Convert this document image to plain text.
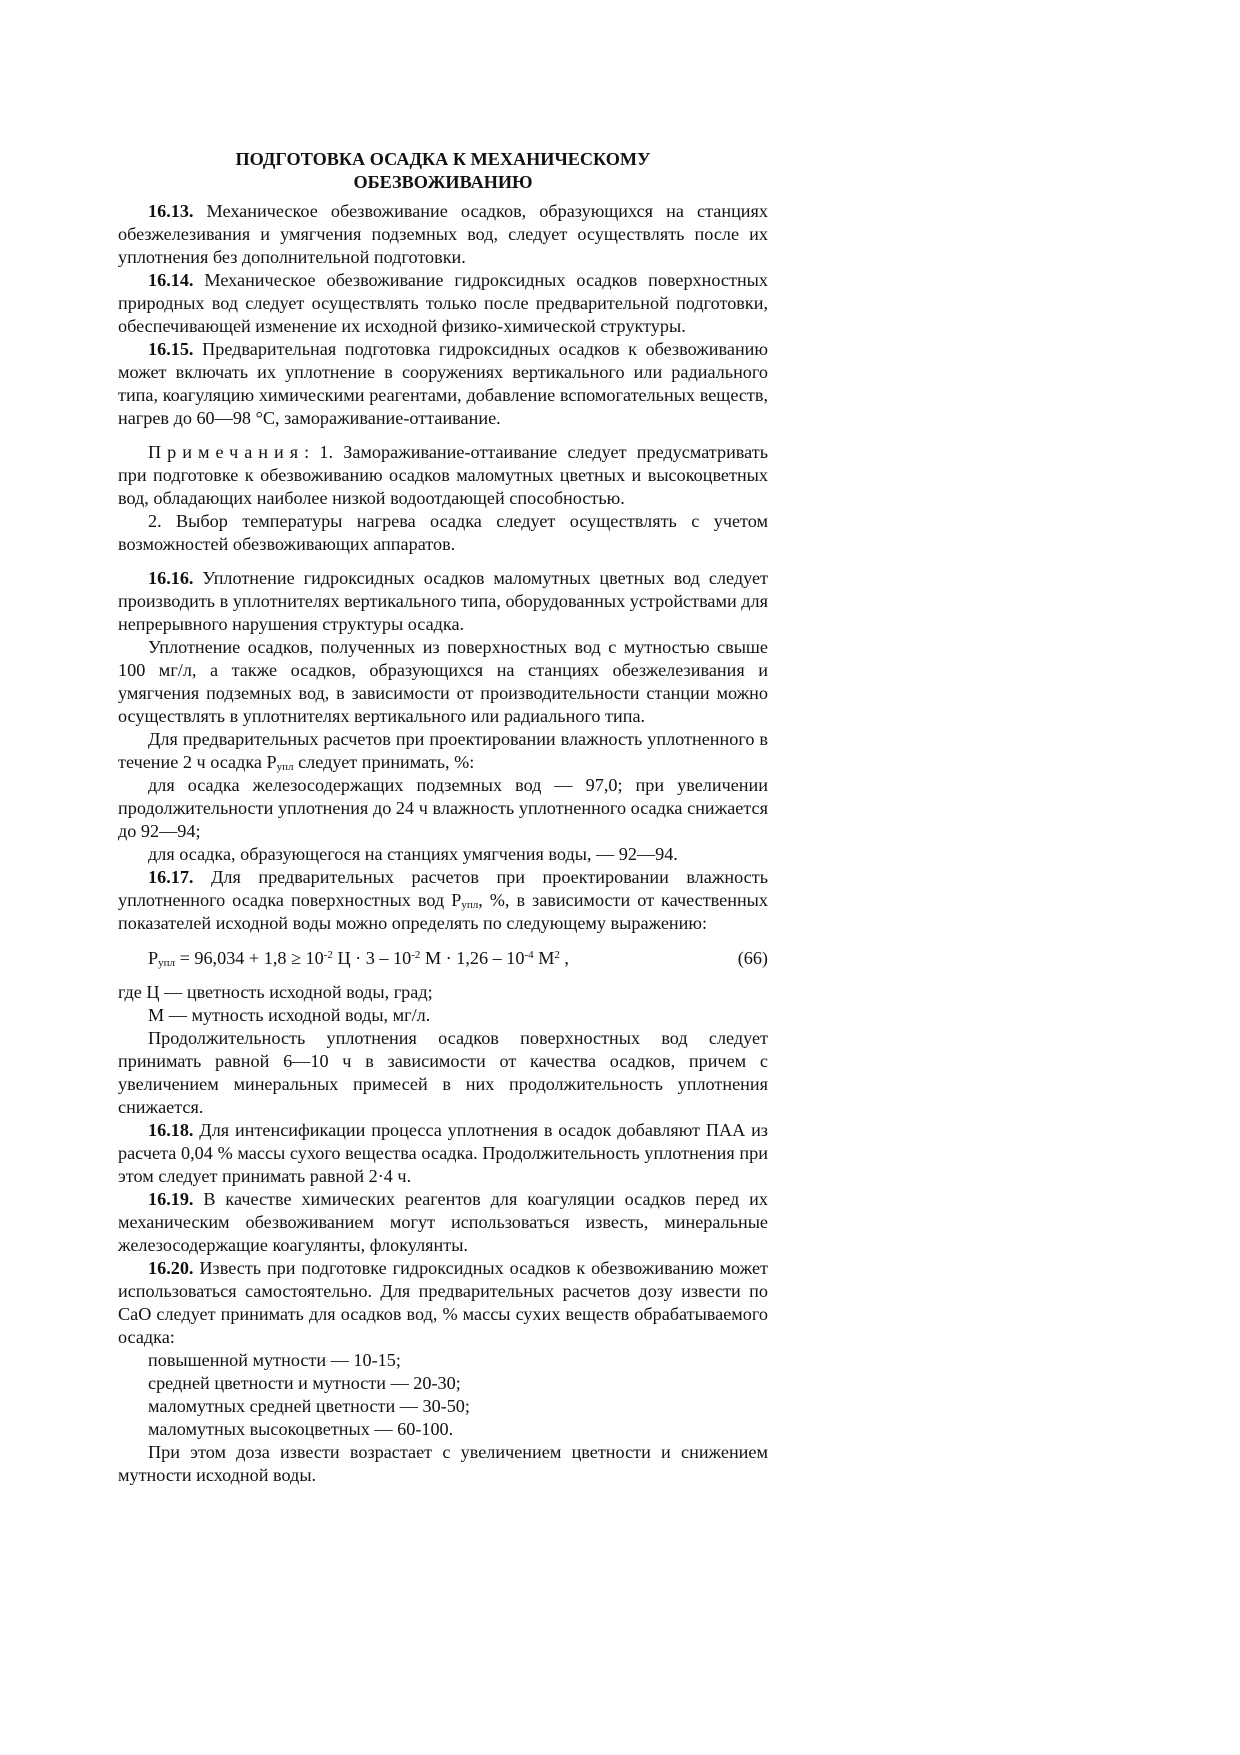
ПОДГОТОВКА ОСАДКА К МЕХАНИЧЕСКОМУ
ОБЕЗВОЖИВАНИЮ

16.13. Механическое обезвоживание осадков, образующихся на станциях обезжелезивания и умягчения подземных вод, следует осуществлять после их уплотнения без дополнительной подготовки.

16.14. Механическое обезвоживание гидроксидных осадков поверхностных природных вод следует осуществлять только после предварительной подготовки, обеспечивающей изменение их исходной физико-химической структуры.

16.15. Предварительная подготовка гидроксидных осадков к обезвоживанию может включать их уплотнение в сооружениях вертикального или радиального типа, коагуляцию химическими реагентами, добавление вспомогательных веществ, нагрев до 60—98 °С, замораживание-оттаивание.

Примечания: 1. Замораживание-оттаивание следует предусматривать при подготовке к обезвоживанию осадков маломутных цветных и высокоцветных вод, обладающих наиболее низкой водоотдающей способностью.

2. Выбор температуры нагрева осадка следует осуществлять с учетом возможностей обезвоживающих аппаратов.

16.16. Уплотнение гидроксидных осадков маломутных цветных вод следует производить в уплотнителях вертикального типа, оборудованных устройствами для непрерывного нарушения структуры осадка.

Уплотнение осадков, полученных из поверхностных вод с мутностью свыше 100 мг/л, а также осадков, образующихся на станциях обезжелезивания и умягчения подземных вод, в зависимости от производительности станции можно осуществлять в уплотнителях вертикального или радиального типа.

Для предварительных расчетов при проектировании влажность уплотненного в течение 2 ч осадка $Р_{упл}$ следует принимать, %:

для осадка железосодержащих подземных вод — 97,0; при увеличении продолжительности уплотнения до 24 ч влажность уплотненного осадка снижается до 92—94;

для осадка, образующегося на станциях умягчения воды, — 92—94.

16.17. Для предварительных расчетов при проектировании влажность уплотненного осадка поверхностных вод $Р_{упл}$, %, в зависимости от качественных показателей исходной воды можно определять по следующему выражению:

$Р_{упл} = 96,034 + 1,8 \ge 10^{-2}$ $Ц \cdot 3 - 10^{-2}$ $М \cdot 1,26 - 10^{-4}$ $М^2$ ,	(66)

где Ц — цветность исходной воды, град;

М — мутность исходной воды, мг/л.

Продолжительность уплотнения осадков поверхностных вод следует принимать равной 6—10 ч в зависимости от качества осадков, причем с увеличением минеральных примесей в них продолжительность уплотнения снижается.

16.18. Для интенсификации процесса уплотнения в осадок добавляют ПАА из расчета 0,04 % массы сухого вещества осадка. Продолжительность уплотнения при этом следует принимать равной 2·4 ч.

16.19. В качестве химических реагентов для коагуляции осадков перед их механическим обезвоживанием могут использоваться известь, минеральные железосодержащие коагулянты, флокулянты.

16.20. Известь при подготовке гидроксидных осадков к обезвоживанию может использоваться самостоятельно. Для предварительных расчетов дозу извести по СаО следует принимать для осадков вод, % массы сухих веществ обрабатываемого осадка:

повышенной мутности — 10-15;

средней цветности и мутности — 20-30;

маломутных средней цветности — 30-50;

маломутных высокоцветных — 60-100.

При этом доза извести возрастает с увеличением цветности и снижением мутности исходной воды.
